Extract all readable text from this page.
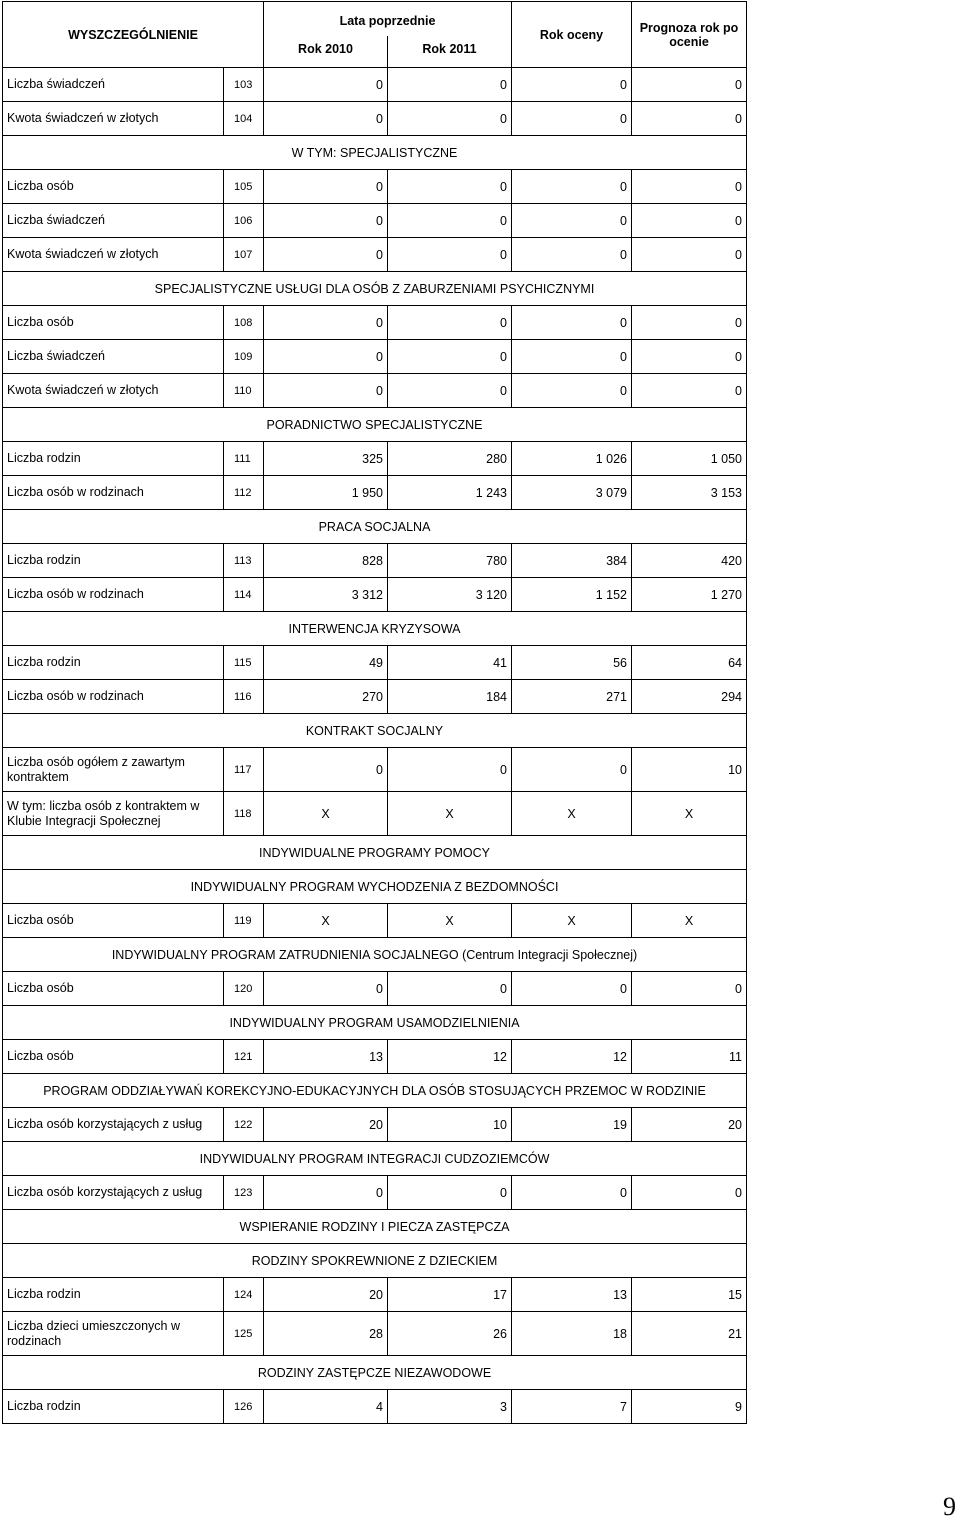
WYSZCZEGÓLNIENIE		Lata poprzednie		Rok oceny	Prognoza rok po ocenie
		Rok 2010	Rok 2011		
Liczba świadczeń	103	0	0	0	0
Kwota świadczeń w złotych	104	0	0	0	0
W TYM: SPECJALISTYCZNE					
Liczba osób	105	0	0	0	0
Liczba świadczeń	106	0	0	0	0
Kwota świadczeń w złotych	107	0	0	0	0
SPECJALISTYCZNE USŁUGI DLA OSÓB Z ZABURZENIAMI PSYCHICZNYMI					
Liczba osób	108	0	0	0	0
Liczba świadczeń	109	0	0	0	0
Kwota świadczeń w złotych	110	0	0	0	0
PORADNICTWO SPECJALISTYCZNE					
Liczba rodzin	111	325	280	1 026	1 050
Liczba osób w rodzinach	112	1 950	1 243	3 079	3 153
PRACA SOCJALNA					
Liczba rodzin	113	828	780	384	420
Liczba osób w rodzinach	114	3 312	3 120	1 152	1 270
INTERWENCJA KRYZYSOWA					
Liczba rodzin	115	49	41	56	64
Liczba osób w rodzinach	116	270	184	271	294
KONTRAKT SOCJALNY					
Liczba osób ogółem z zawartym kontraktem	117	0	0	0	10
W tym: liczba osób z kontraktem w Klubie Integracji Społecznej	118	X	X	X	X
INDYWIDUALNE PROGRAMY POMOCY					
INDYWIDUALNY PROGRAM WYCHODZENIA Z BEZDOMNOŚCI					
Liczba osób	119	X	X	X	X
INDYWIDUALNY PROGRAM ZATRUDNIENIA SOCJALNEGO (Centrum Integracji Społecznej)					
Liczba osób	120	0	0	0	0
INDYWIDUALNY PROGRAM USAMODZIELNIENIA					
Liczba osób	121	13	12	12	11
PROGRAM ODDZIAŁYWAŃ KOREKCYJNO-EDUKACYJNYCH DLA OSÓB STOSUJĄCYCH PRZEMOC W RODZINIE					
Liczba osób korzystających z usług	122	20	10	19	20
INDYWIDUALNY PROGRAM INTEGRACJI CUDZOZIEMCÓW					
Liczba osób korzystających z usług	123	0	0	0	0
WSPIERANIE RODZINY I PIECZA ZASTĘPCZA					
RODZINY SPOKREWNIONE Z DZIECKIEM					
Liczba rodzin	124	20	17	13	15
Liczba dzieci umieszczonych w rodzinach	125	28	26	18	21
RODZINY ZASTĘPCZE NIEZAWODOWE					
Liczba rodzin	126	4	3	7	9
9
